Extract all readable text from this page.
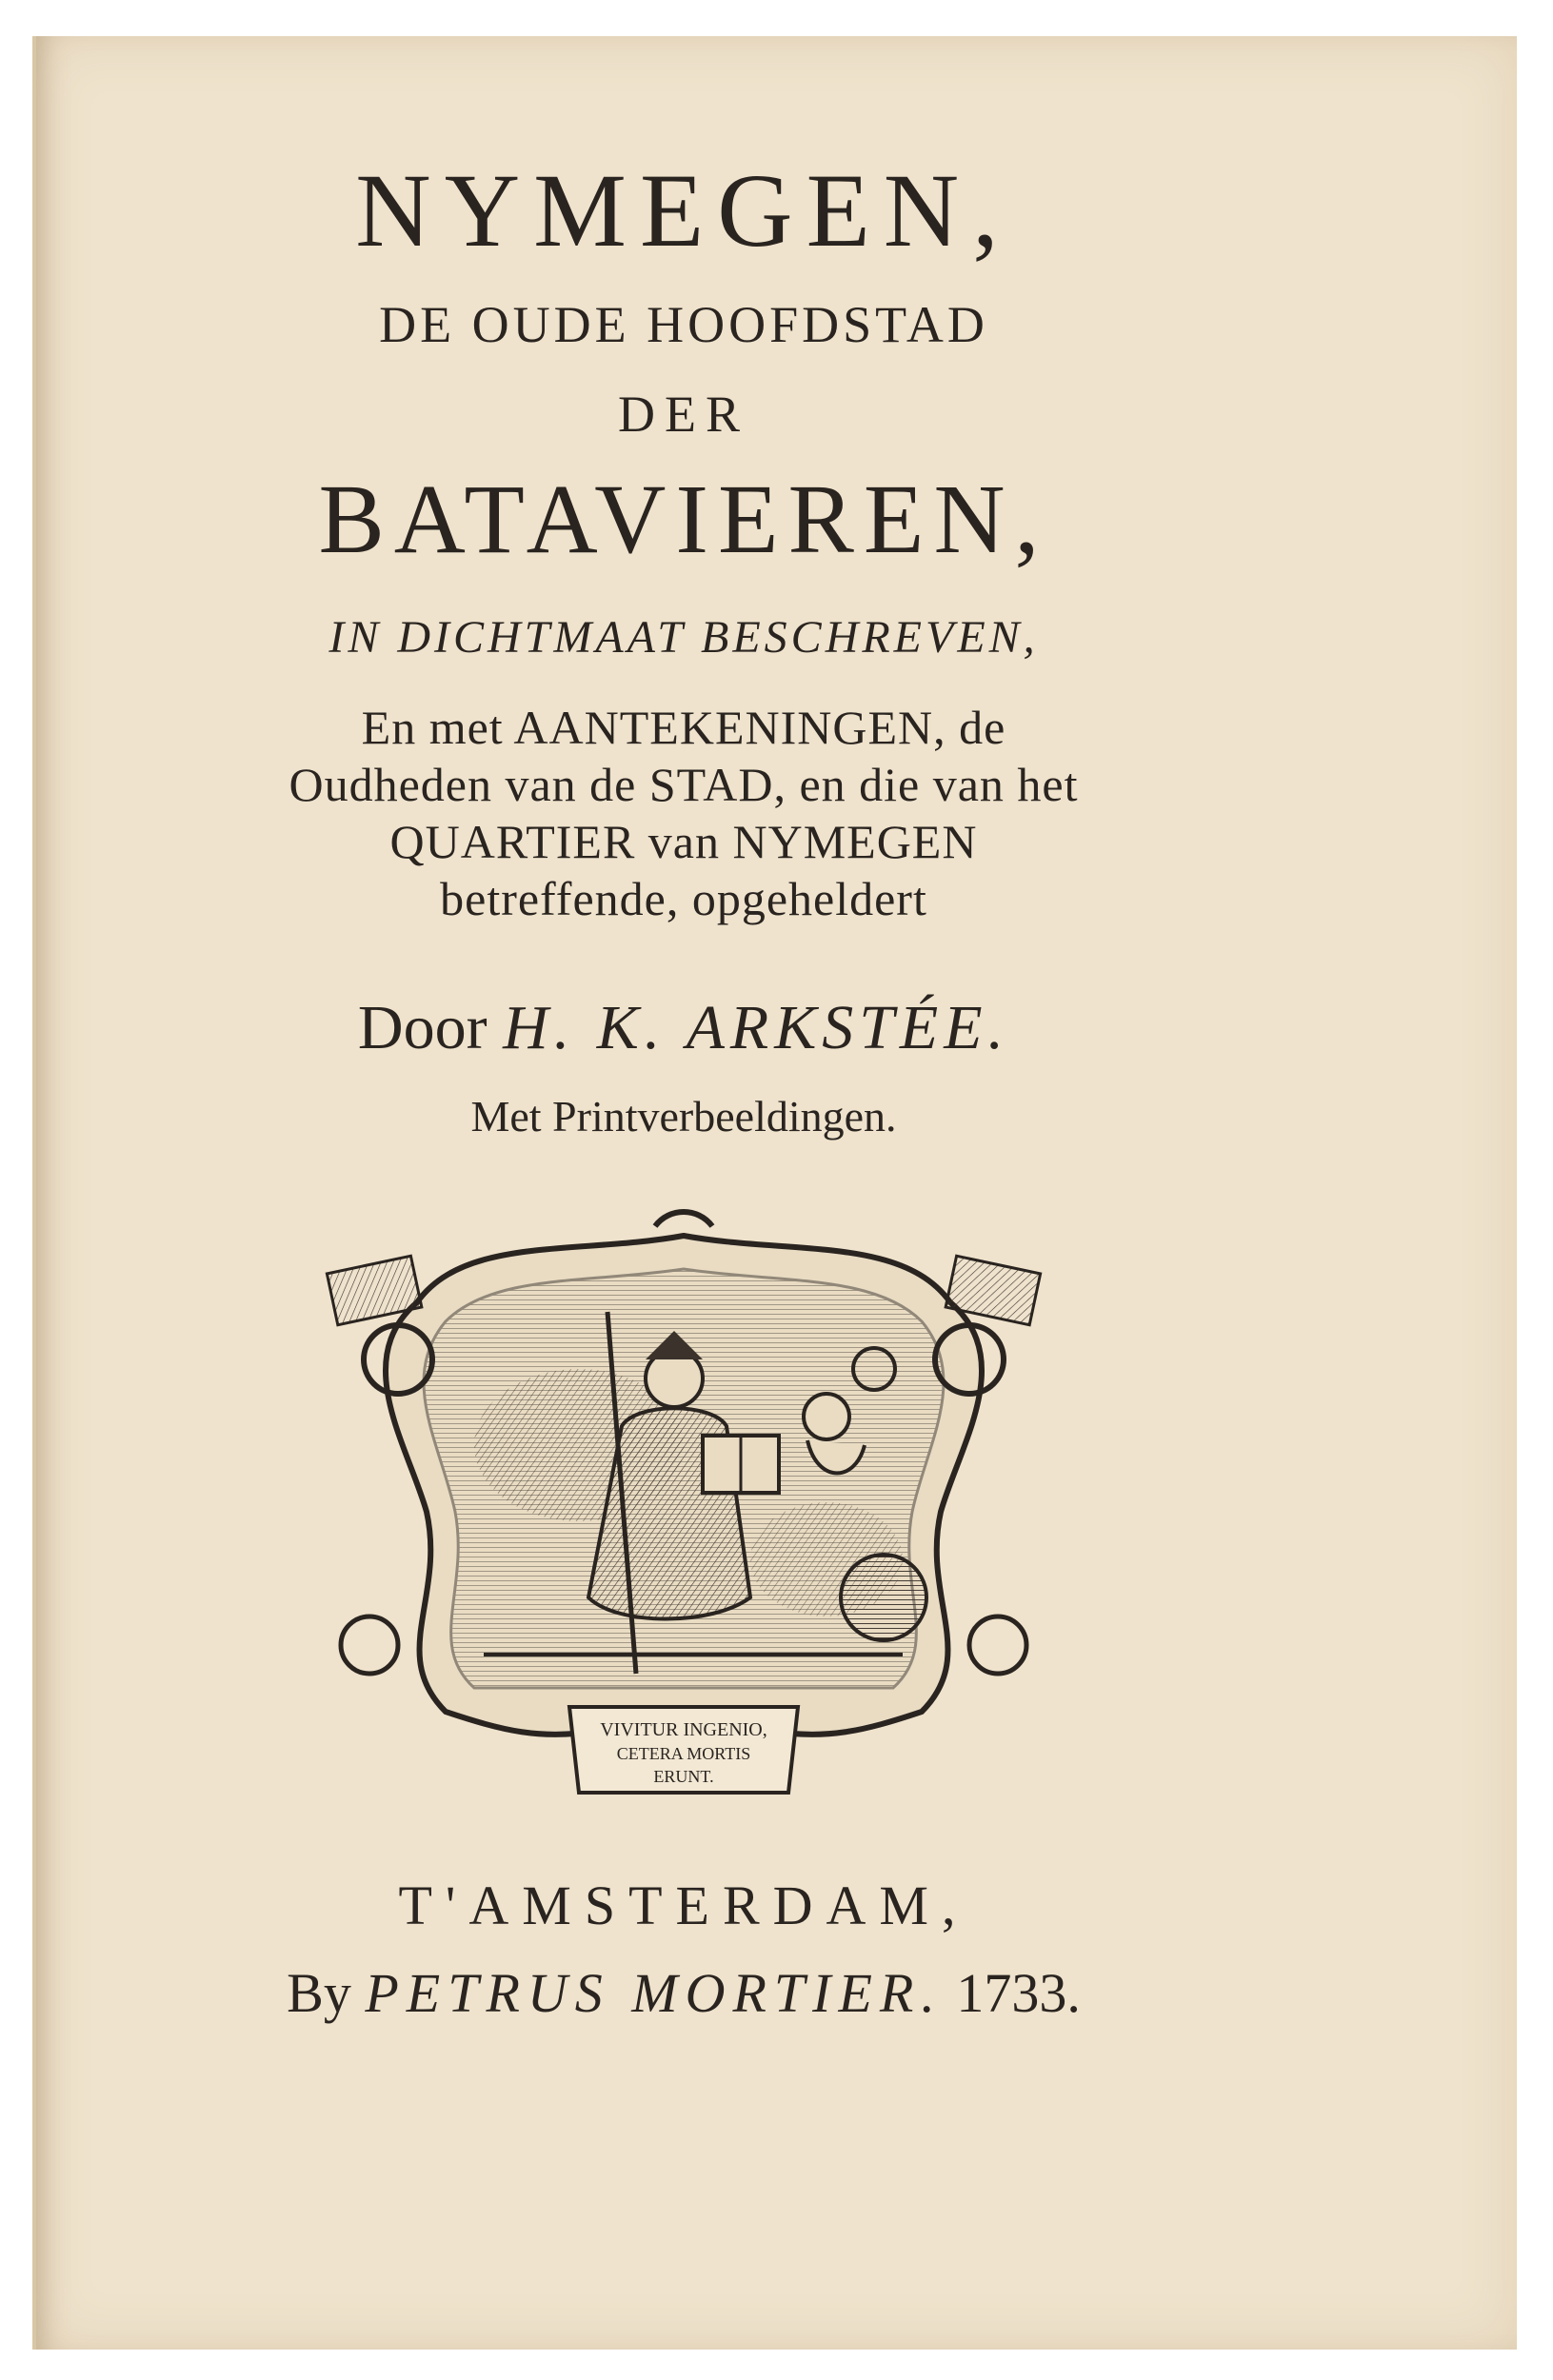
NYMEGEN,
DE OUDE HOOFDSTAD
DER
BATAVIEREN,
IN DICHTMAAT BESCHREVEN,
En met AANTEKENINGEN, de
Oudheden van de STAD, en die van het
QUARTIER van NYMEGEN
betreffende, opgeheldert
Door H. K. ARKSTÉE.
Met Printverbeeldingen.
VIVITUR INGENIO,
CETERA MORTIS
ERUNT.
T'AMSTERDAM,
By PETRUS MORTIER. 1733.
